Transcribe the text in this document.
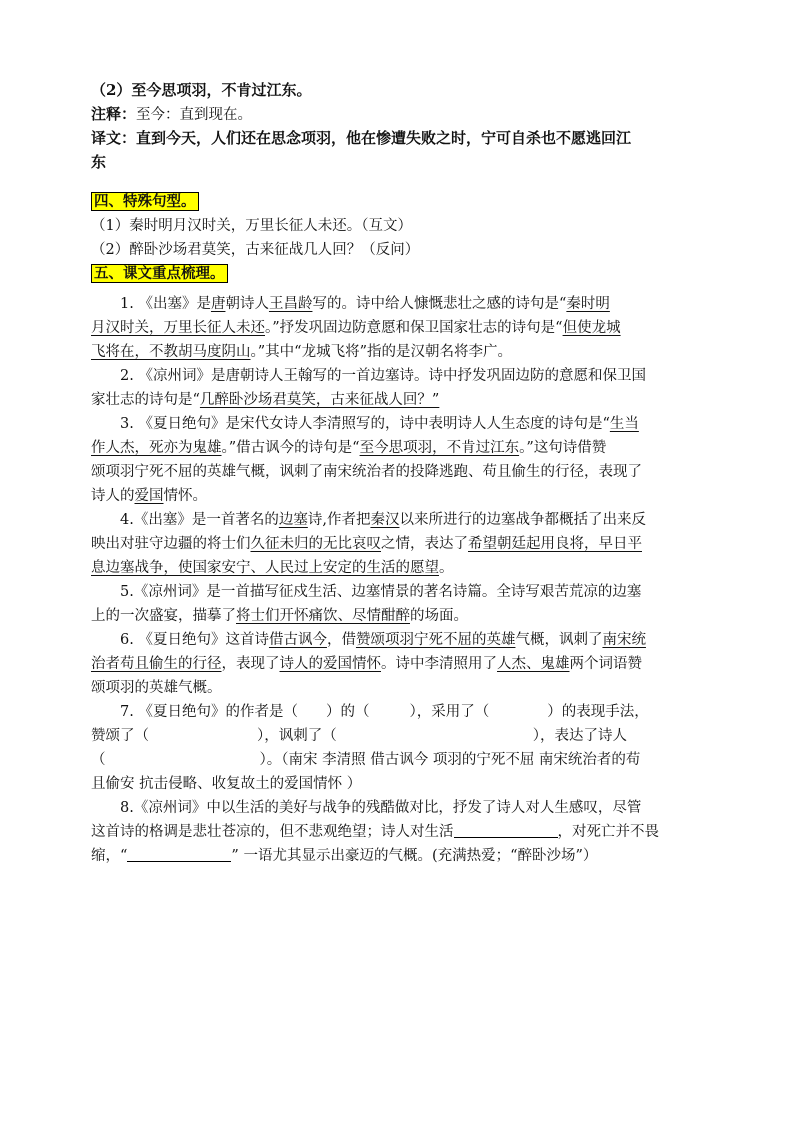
（2）至今思项羽，不肯过江东。
注释：至今：直到现在。
译文：直到今天，人们还在思念项羽，他在惨遭失败之时，宁可自杀也不愿逃回江
东
四、特殊句型。
（1）秦时明月汉时关，万里长征人未还。（互文）
（2）醉卧沙场君莫笑，古来征战几人回？（反问）
五、课文重点梳理。
1. 《出塞》是唐朝诗人王昌龄写的。诗中给人慷慨悲壮之感的诗句是“秦时明
月汉时关，万里长征人未还。”抒发巩固边防意愿和保卫国家壮志的诗句是“但使龙城
飞将在，不教胡马度阴山。”其中“龙城飞将”指的是汉朝名将李广。
2. 《凉州词》是唐朝诗人王翰写的一首边塞诗。诗中抒发巩固边防的意愿和保卫国
家壮志的诗句是“几醉卧沙场君莫笑，古来征战人回？”
3. 《夏日绝句》是宋代女诗人李清照写的，诗中表明诗人人生态度的诗句是“生当
作人杰，死亦为鬼雄。”借古讽今的诗句是“至今思项羽，不肯过江东。”这句诗借赞
颂项羽宁死不屈的英雄气概，讽刺了南宋统治者的投降逃跑、苟且偷生的行径，表现了
诗人的爱国情怀。
4.《出塞》是一首著名的边塞诗,作者把秦汉以来所进行的边塞战争都概括了出来反
映出对驻守边疆的将士们久征未归的无比哀叹之情，表达了希望朝廷起用良将，早日平
息边塞战争，使国家安宁、人民过上安定的生活的愿望。
5.《凉州词》是一首描写征戍生活、边塞情景的著名诗篇。全诗写艰苦荒凉的边塞
上的一次盛宴，描摹了将士们开怀痛饮、尽情酣醉的场面。
6. 《夏日绝句》这首诗借古讽今，借赞颂项羽宁死不屈的英雄气概，讽刺了南宋统
治者苟且偷生的行径，表现了诗人的爱国情怀。诗中李清照用了人杰、鬼雄两个词语赞
颂项羽的英雄气概。
7. 《夏日绝句》的作者是（ ）的（	），采用了（	）的表现手法，
赞颂了（	），讽刺了（	），表达了诗人
（	）。（南宋 李清照 借古讽今 项羽的宁死不屈 南宋统治者的苟
且偷安 抗击侵略、收复故土的爱国情怀 ）
8.《凉州词》中以生活的美好与战争的残酷做对比，抒发了诗人对人生感叹，尽管
这首诗的格调是悲壮苍凉的，但不悲观绝望；诗人对生活	，对死亡并不畏
缩，“	” 一语尤其显示出豪迈的气概。(充满热爱；“醉卧沙场”）
